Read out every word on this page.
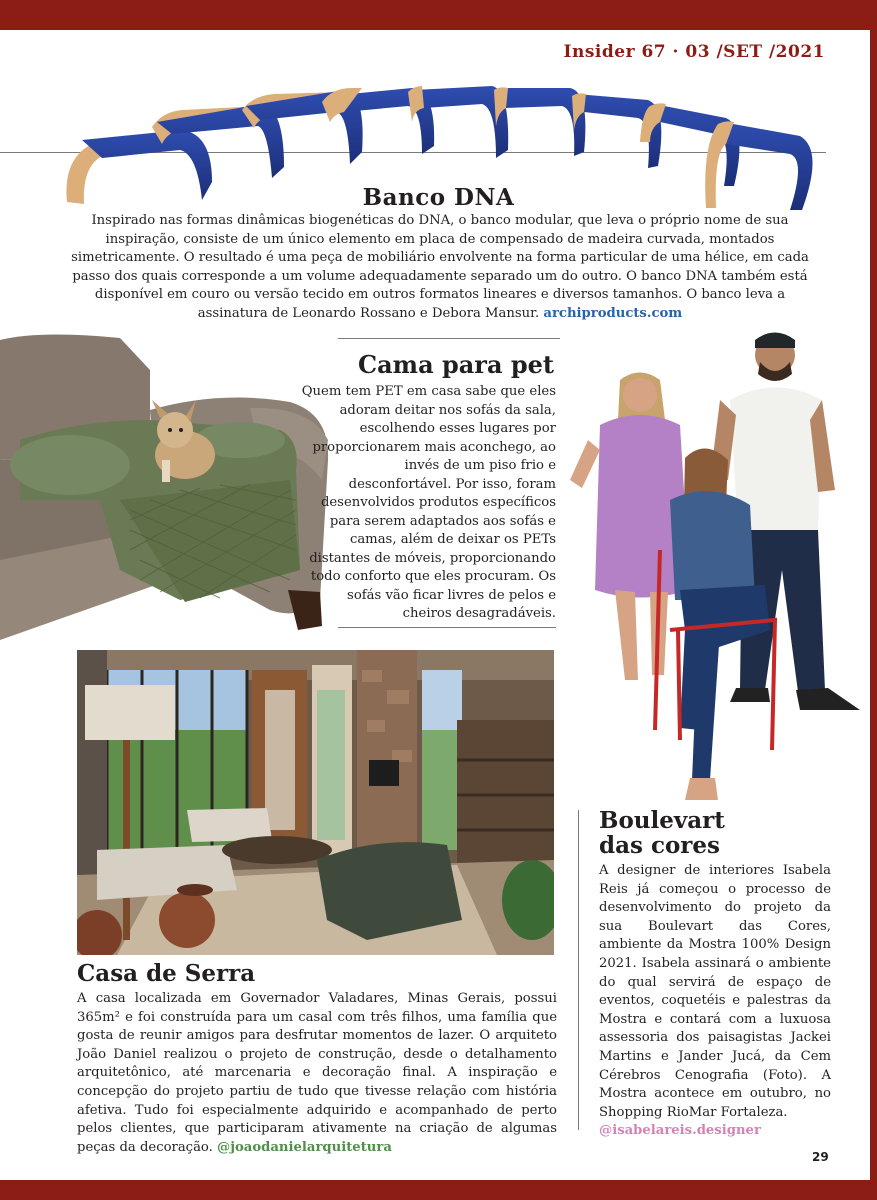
Insider 67 · 03 /SET /2021
Banco DNA
Inspirado nas formas dinâmicas biogenéticas do DNA, o banco modular, que leva o próprio nome de sua inspiração, consiste de um único elemento em placa de compensado de madeira curvada, montados simetricamente. O resultado é uma peça de mobiliário envolvente na forma particular de uma hélice, em cada passo dos quais corresponde a um volume adequadamente separado um do outro. O banco DNA também está disponível em couro ou versão tecido em outros formatos lineares e diversos tamanhos. O banco leva a assinatura de Leonardo Rossano e Debora Mansur. archiproducts.com
Cama para pet
Quem tem PET em casa sabe que eles adoram deitar nos sofás da sala, escolhendo esses lugares por proporcionarem mais aconchego, ao invés de um piso frio e desconfortável. Por isso, foram desenvolvidos produtos específicos para serem adaptados aos sofás e camas, além de deixar os PETs distantes de móveis, proporcionando todo conforto que eles procuram. Os sofás vão ficar livres de pelos e cheiros desagradáveis.
Casa de Serra
A casa localizada em Governador Valadares, Minas Gerais, possui 365m² e foi construída para um casal com três filhos, uma família que gosta de reunir amigos para desfrutar momentos de lazer. O arquiteto João Daniel realizou o projeto de construção, desde o detalhamento arquitetônico, até marcenaria e decoração final. A inspiração e concepção do projeto partiu de tudo que tivesse relação com história afetiva. Tudo foi especialmente adquirido e acompanhado de perto pelos clientes, que participaram ativamente na criação de algumas peças da decoração. @joaodanielarquitetura
Boulevart
das cores
A designer de interiores Isabela Reis já começou o processo de desenvolvimento do projeto da sua Boulevart das Cores, ambiente da Mostra 100% Design 2021. Isabela assinará o ambiente do qual servirá de espaço de eventos, coquetéis e palestras da Mostra e contará com a luxuosa assessoria dos paisagistas Jackei Martins e Jander Jucá, da Cem Cérebros Cenografia (Foto). A Mostra acontece em outubro, no Shopping RioMar Fortaleza.
@isabelareis.designer
29
